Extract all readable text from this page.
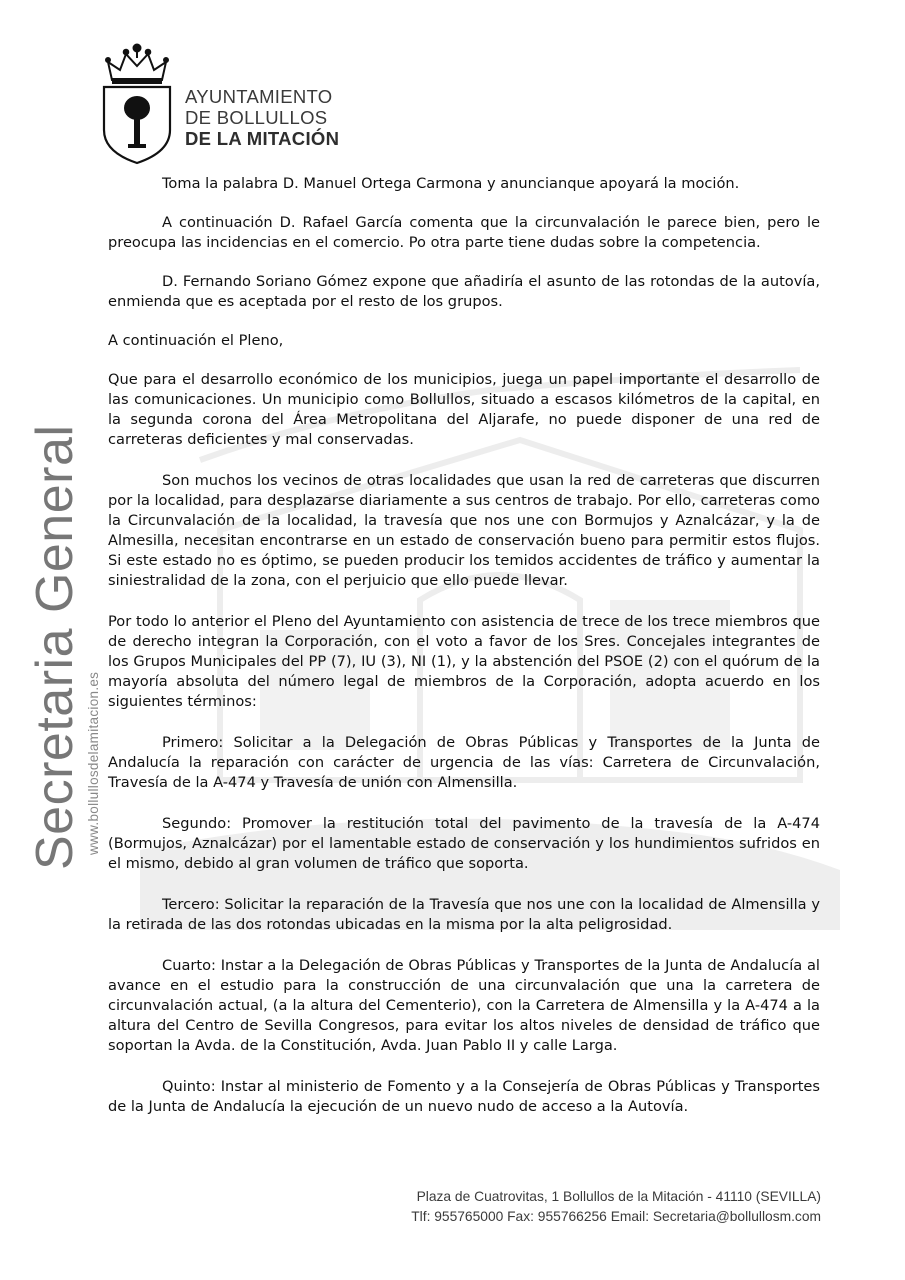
AYUNTAMIENTO
DE BOLLULLOS
DE LA MITACIÓN
Secretaria General www.bollullosdelamitacion.es

Toma la palabra D. Manuel Ortega Carmona y anuncianque apoyará la moción.

A continuación D. Rafael García comenta que la circunvalación le parece bien, pero le preocupa las incidencias en el comercio. Po otra parte tiene dudas sobre la competencia.

D. Fernando Soriano Gómez expone que añadiría el asunto de las rotondas de la autovía, enmienda que es aceptada por el resto de los grupos.

A continuación el Pleno,

Que para el desarrollo económico de los municipios, juega un papel importante el desarrollo de las comunicaciones. Un municipio como Bollullos, situado a escasos kilómetros de la capital, en la segunda corona del Área Metropolitana del Aljarafe, no puede disponer de una red de carreteras deficientes y mal conservadas.

Son muchos los vecinos de otras localidades que usan la red de carreteras que discurren por la localidad, para desplazarse diariamente a sus centros de trabajo. Por ello, carreteras como la Circunvalación de la localidad, la travesía que nos une con Bormujos y Aznalcázar, y la de Almesilla, necesitan encontrarse en un estado de conservación bueno para permitir estos flujos. Si este estado no es óptimo, se pueden producir los temidos accidentes de tráfico y aumentar la siniestralidad de la zona, con el perjuicio que ello puede llevar.

Por todo lo anterior el Pleno del Ayuntamiento con asistencia de trece de los trece miembros que de derecho integran la Corporación, con el voto a favor de los Sres. Concejales integrantes de los Grupos Municipales del PP (7), IU (3), NI (1), y la abstención del PSOE (2) con el quórum de la mayoría absoluta del número legal de miembros de la Corporación, adopta acuerdo en los siguientes términos:

Primero: Solicitar a la Delegación de Obras Públicas y Transportes de la Junta de Andalucía la reparación con carácter de urgencia de las vías: Carretera de Circunvalación, Travesía de la A-474 y Travesía de unión con Almensilla.

Segundo: Promover la restitución total del pavimento de la travesía de la A-474 (Bormujos, Aznalcázar) por el lamentable estado de conservación y los hundimientos sufridos en el mismo, debido al gran volumen de tráfico que soporta.

Tercero: Solicitar la reparación de la Travesía que nos une con la localidad de Almensilla y la retirada de las dos rotondas ubicadas en la misma por la alta peligrosidad.

Cuarto: Instar a la Delegación de Obras Públicas y Transportes de la Junta de Andalucía al avance en el estudio para la construcción de una circunvalación que una la carretera de circunvalación actual, (a la altura del Cementerio), con la Carretera de Almensilla y la A-474 a la altura del Centro de Sevilla Congresos, para evitar los altos niveles de densidad de tráfico que soportan la Avda. de la Constitución, Avda. Juan Pablo II y calle Larga.

Quinto: Instar al ministerio de Fomento y a la Consejería de Obras Públicas y Transportes de la Junta de Andalucía la ejecución de un nuevo nudo de acceso a la Autovía.

Plaza de Cuatrovitas, 1 Bollullos de la Mitación - 41110 (SEVILLA)
Tlf: 955765000 Fax: 955766256 Email: Secretaria@bollullosm.com
